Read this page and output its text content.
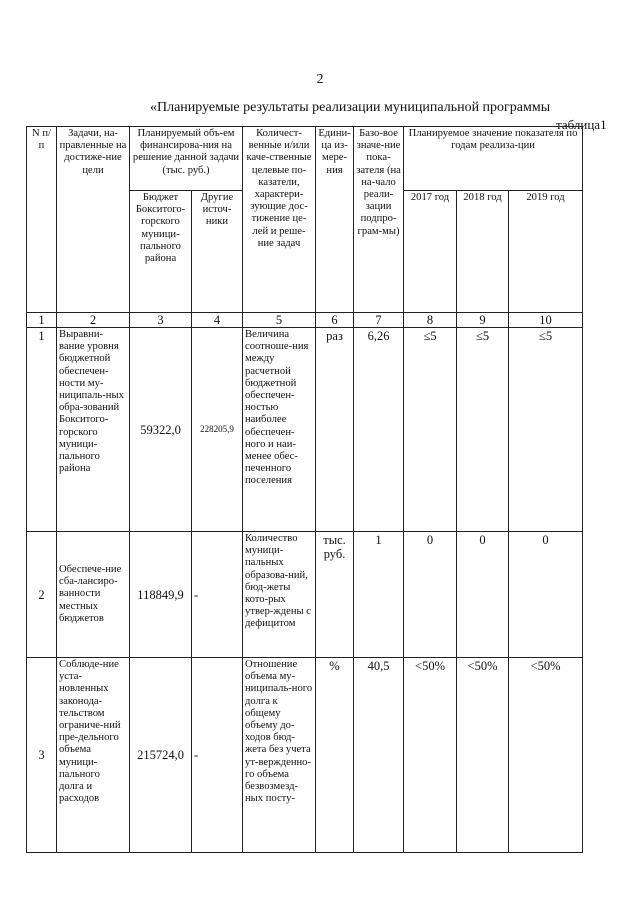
2
«Планируемые результаты реализации муниципальной программы
таблица1
N п/ п	Задачи, на-правленные на достиже-ние цели	Планируемый объ-ем финансирова-ния на решение данной задачи (тыс. руб.)		Количест-венные и/или каче-ственные целевые по-казатели, характери-зующие дос-тижение це-лей и реше-ние задач	Едини-ца из-мере-ния	Базо-вое значе-ние пока-зателя (на на-чало реали-зации подпро-грам-мы)	Планируемое значение показателя по годам реализа-ции		
		Бюджет Бокситого-горского муници-пального района	Другие источ-ники				2017 год	2018 год	2019 год
1	2	3	4	5	6	7	8	9	10
1	Выравни-вание уровня бюджетной обеспечен-ности му-ниципаль-ных обра-зований Бокситого-горского муници-пального района	59322,0	228205,9	Величина соотноше-ния между расчетной бюджетной обеспечен-ностью наиболее обеспечен-ного и наи-менее обес-печенного поселения	раз	6,26	≤5	≤5	≤5
2	Обеспече-ние сба-лансиро-ванности местных бюджетов	118849,9	-	Количество муници-пальных образова-ний, бюд-жеты кото-рых утвер-ждены с дефицитом	тыс. руб.	1	0	0	0
3	Соблюде-ние уста-новленных законода-тельством ограниче-ний пре-дельного объема муници-пального долга и расходов	215724,0	-	Отношение объема му-ниципаль-ного долга к общему объему до-ходов бюд-жета без учета ут-вержденно-го объема безвозмезд-ных посту-	%	40,5	<50%	<50%	<50%
